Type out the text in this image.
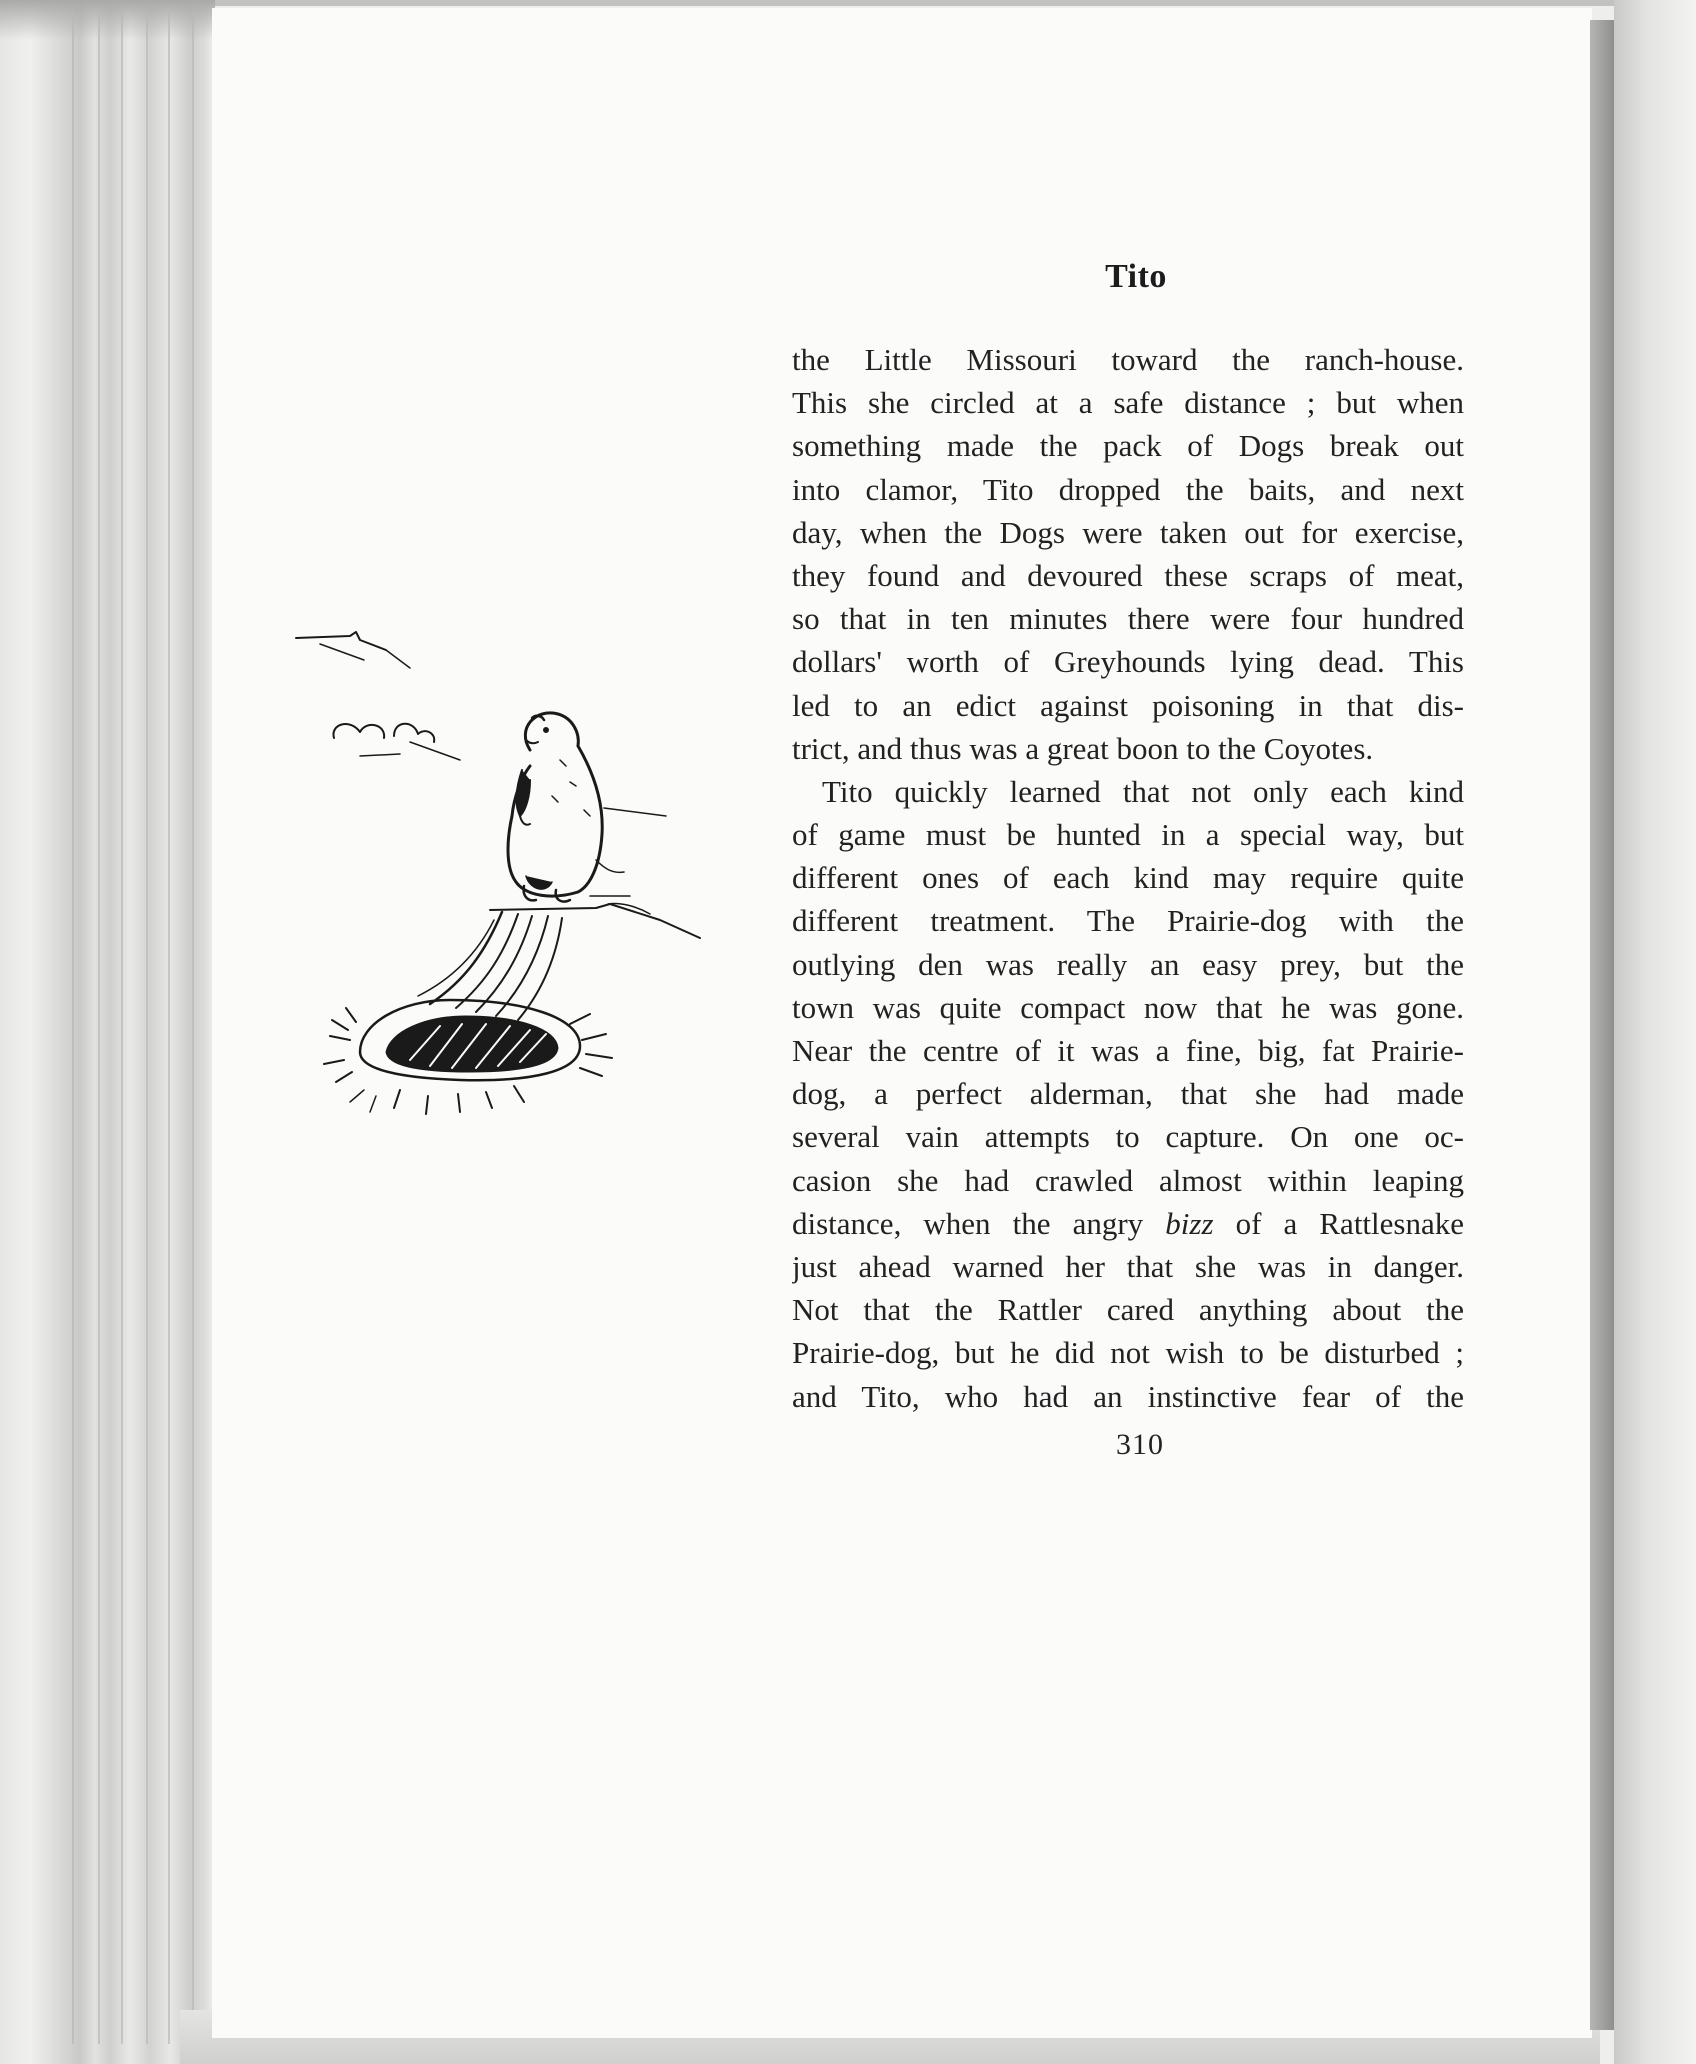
Tito
the Little Missouri toward the ranch-house.
This she circled at a safe distance ; but when
something made the pack of Dogs break out
into clamor, Tito dropped the baits, and next
day, when the Dogs were taken out for exercise,
they found and devoured these scraps of meat,
so that in ten minutes there were four hundred
dollars' worth of Greyhounds lying dead. This
led to an edict against poisoning in that dis-
trict, and thus was a great boon to the Coyotes.
Tito quickly learned that not only each kind
of game must be hunted in a special way, but
different ones of each kind may require quite
different treatment. The Prairie-dog with the
outlying den was really an easy prey, but the
town was quite compact now that he was gone.
Near the centre of it was a fine, big, fat Prairie-
dog, a perfect alderman, that she had made
several vain attempts to capture. On one oc-
casion she had crawled almost within leaping
distance, when the angry bizz of a Rattlesnake
just ahead warned her that she was in danger.
Not that the Rattler cared anything about the
Prairie-dog, but he did not wish to be disturbed ;
and Tito, who had an instinctive fear of the
310
